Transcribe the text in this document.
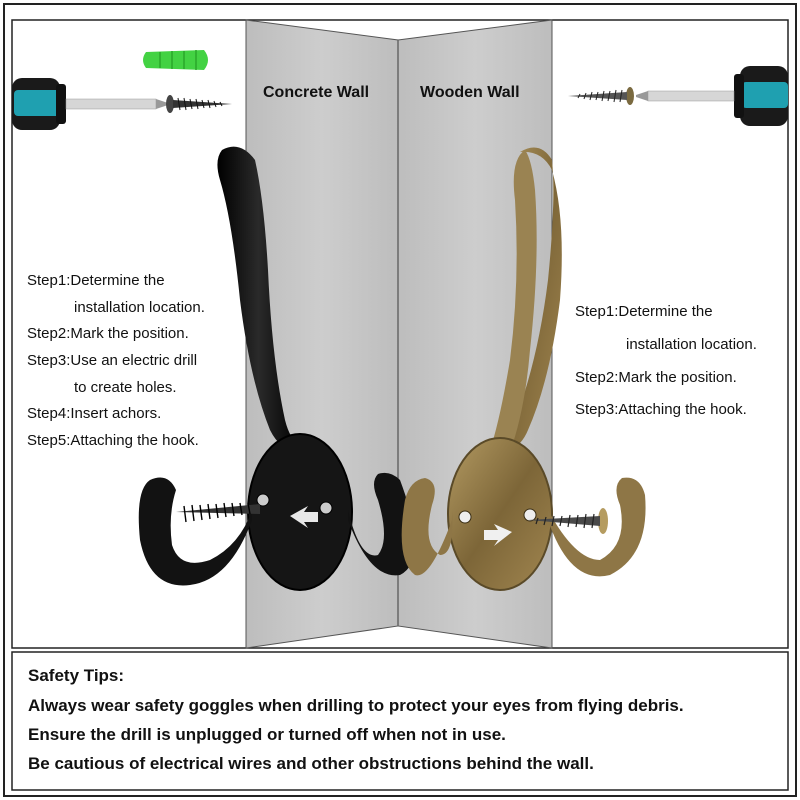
Concrete Wall	Wooden Wall
Step1:Determine the
installation location.
Step2:Mark the position.
Step3:Use an electric drill
to create holes.
Step4:Insert achors.
Step5:Attaching the hook.
Step1:Determine the
installation location.
Step2:Mark the position.
Step3:Attaching the hook.
Safety Tips:
Always wear safety goggles when drilling to protect your eyes from flying debris.
Ensure the drill is unplugged or turned off when not in use.
Be cautious of electrical wires and other obstructions behind the wall.
